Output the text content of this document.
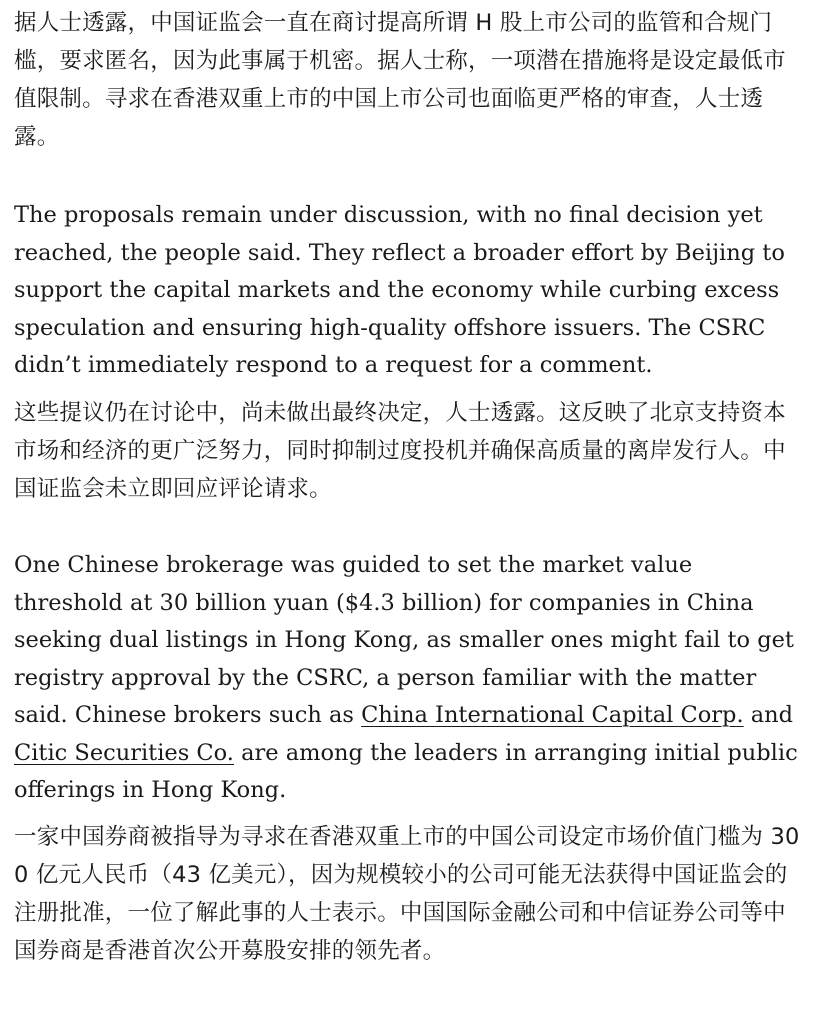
据人士透露，中国证监会一直在商讨提高所谓 H 股上市公司的监管和合规门槛，要求匿名，因为此事属于机密。据人士称，一项潜在措施将是设定最低市值限制。寻求在香港双重上市的中国上市公司也面临更严格的审查，人士透露。

The proposals remain under discussion, with no final decision yet reached, the people said. They reflect a broader effort by Beijing to support the capital markets and the economy while curbing excess speculation and ensuring high-quality offshore issuers. The CSRC didn’t immediately respond to a request for a comment.

这些提议仍在讨论中，尚未做出最终决定，人士透露。这反映了北京支持资本市场和经济的更广泛努力，同时抑制过度投机并确保高质量的离岸发行人。中国证监会未立即回应评论请求。

One Chinese brokerage was guided to set the market value threshold at 30 billion yuan ($4.3 billion) for companies in China seeking dual listings in Hong Kong, as smaller ones might fail to get registry approval by the CSRC, a person familiar with the matter said. Chinese brokers such as China International Capital Corp. and Citic Securities Co. are among the leaders in arranging initial public offerings in Hong Kong.

一家中国券商被指导为寻求在香港双重上市的中国公司设定市场价值门槛为 300 亿元人民币（43 亿美元），因为规模较小的公司可能无法获得中国证监会的注册批准，一位了解此事的人士表示。中国国际金融公司和中信证券公司等中国券商是香港首次公开募股安排的领先者。
